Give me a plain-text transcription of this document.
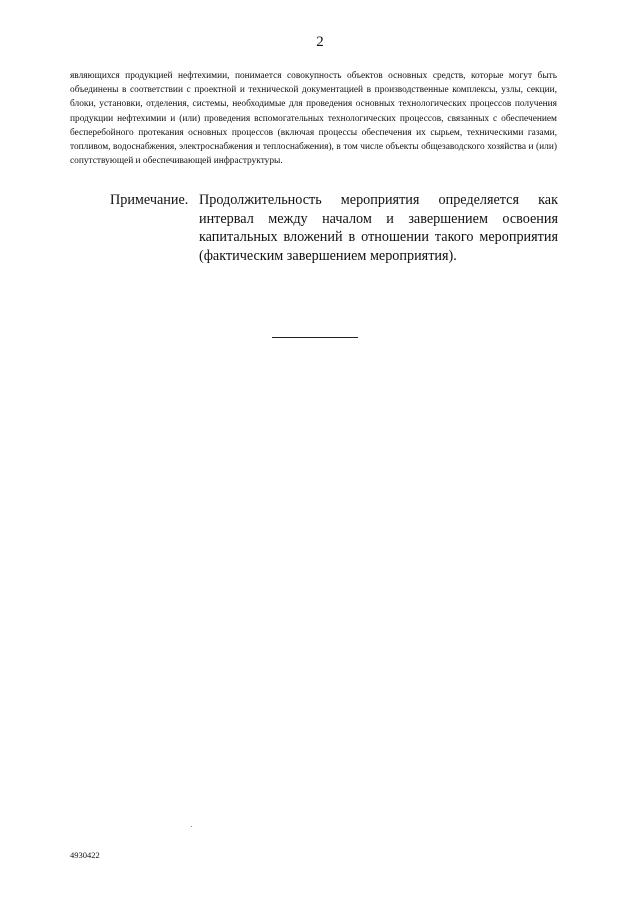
2
являющихся продукцией нефтехимии, понимается совокупность объектов основных средств, которые могут быть объединены в соответствии с проектной и технической документацией в производственные комплексы, узлы, секции, блоки, установки, отделения, системы, необходимые для проведения основных технологических процессов получения продукции нефтехимии и (или) проведения вспомогательных технологических процессов, связанных с обеспечением бесперебойного протекания основных процессов (включая процессы обеспечения их сырьем, техническими газами, топливом, водоснабжения, электроснабжения и теплоснабжения), в том числе объекты общезаводского хозяйства и (или) сопутствующей и обеспечивающей инфраструктуры.
Примечание. Продолжительность мероприятия определяется как интервал между началом и завершением освоения капитальных вложений в отношении такого мероприятия (фактическим завершением мероприятия).
4930422
